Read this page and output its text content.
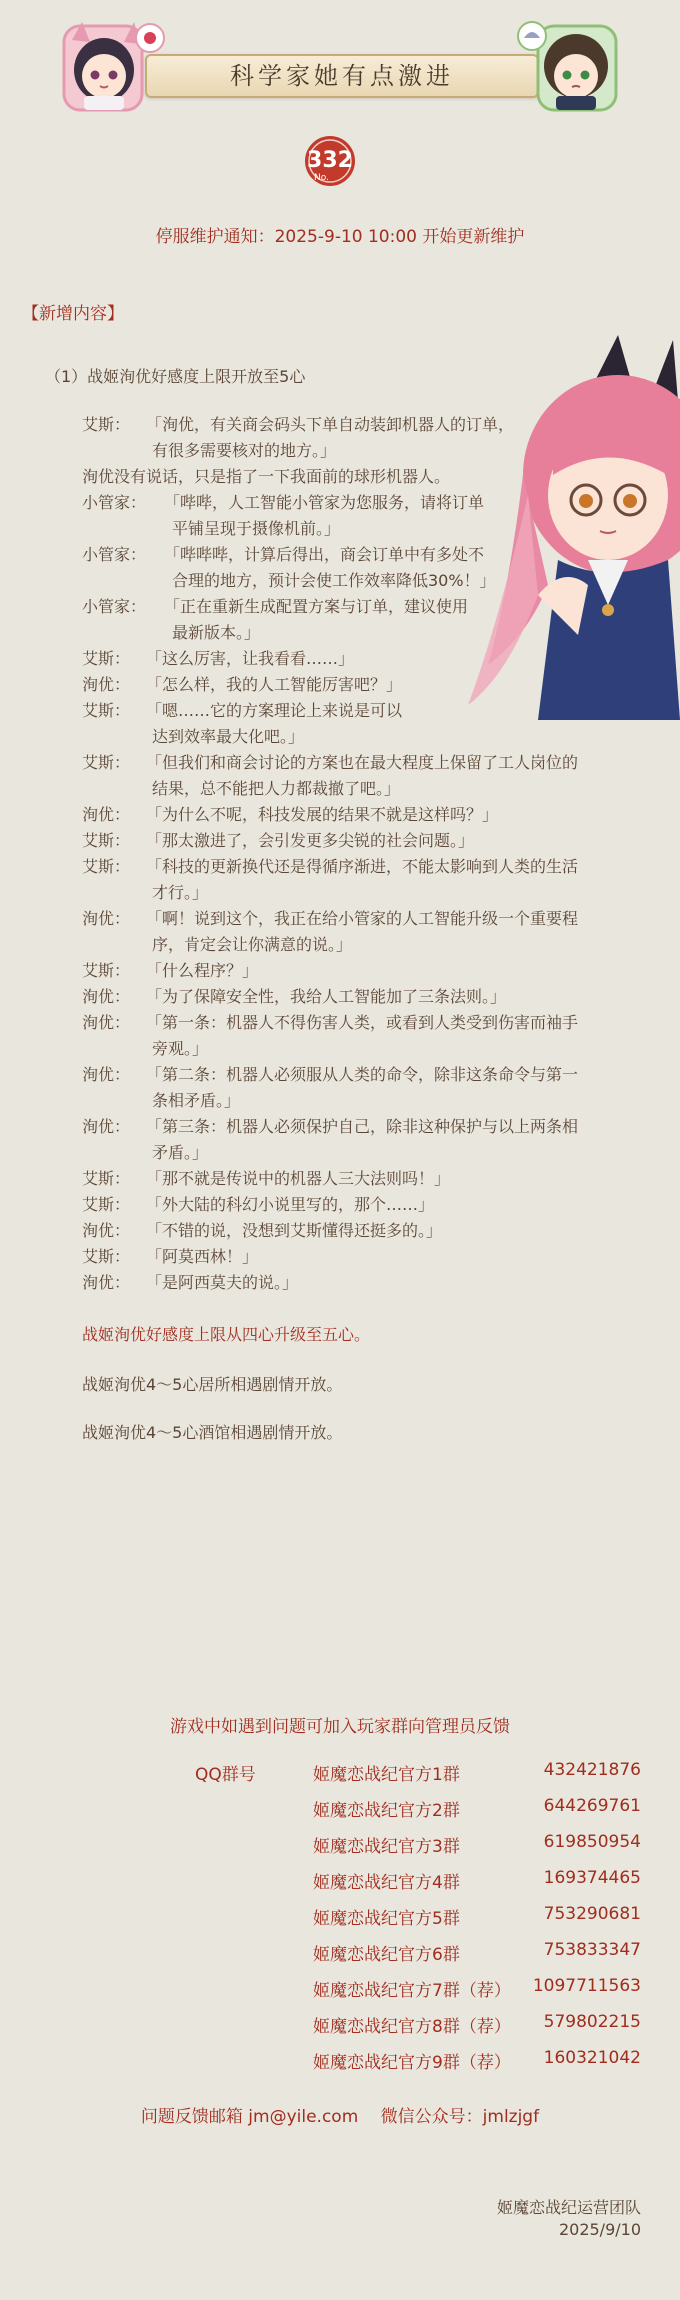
科学家她有点激进
332
No.
停服维护通知：2025-9-10 10:00 开始更新维护
【新增内容】
（1）战姬洵优好感度上限开放至5心
艾斯： 「洵优，有关商会码头下单自动装卸机器人的订单，
有很多需要核对的地方。」
洵优没有说话，只是指了一下我面前的球形机器人。
小管家：	「哔哔，人工智能小管家为您服务，请将订单
平铺呈现于摄像机前。」
小管家：	「哔哔哔，计算后得出，商会订单中有多处不
合理的地方，预计会使工作效率降低30%！」
小管家：	「正在重新生成配置方案与订单，建议使用
最新版本。」
艾斯： 「这么厉害，让我看看……」
洵优： 「怎么样，我的人工智能厉害吧？」
艾斯： 「嗯……它的方案理论上来说是可以
达到效率最大化吧。」
艾斯： 「但我们和商会讨论的方案也在最大程度上保留了工人岗位的
结果，总不能把人力都裁撤了吧。」
洵优： 「为什么不呢，科技发展的结果不就是这样吗？」
艾斯： 「那太激进了，会引发更多尖锐的社会问题。」
艾斯： 「科技的更新换代还是得循序渐进，不能太影响到人类的生活
才行。」
洵优： 「啊！说到这个，我正在给小管家的人工智能升级一个重要程
序，肯定会让你满意的说。」
艾斯： 「什么程序？」
洵优： 「为了保障安全性，我给人工智能加了三条法则。」
洵优： 「第一条：机器人不得伤害人类，或看到人类受到伤害而袖手
旁观。」
洵优： 「第二条：机器人必须服从人类的命令，除非这条命令与第一
条相矛盾。」
洵优： 「第三条：机器人必须保护自己，除非这种保护与以上两条相
矛盾。」
艾斯： 「那不就是传说中的机器人三大法则吗！」
艾斯： 「外大陆的科幻小说里写的，那个……」
洵优： 「不错的说，没想到艾斯懂得还挺多的。」
艾斯： 「阿莫西林！」
洵优： 「是阿西莫夫的说。」
战姬洵优好感度上限从四心升级至五心。
战姬洵优4～5心居所相遇剧情开放。
战姬洵优4～5心酒馆相遇剧情开放。
游戏中如遇到问题可加入玩家群向管理员反馈
QQ群号	姬魔恋战纪官方1群	432421876
姬魔恋战纪官方2群	644269761
姬魔恋战纪官方3群	619850954
姬魔恋战纪官方4群	169374465
姬魔恋战纪官方5群	753290681
姬魔恋战纪官方6群	753833347
姬魔恋战纪官方7群（荐） 1097711563
姬魔恋战纪官方8群（荐） 579802215
姬魔恋战纪官方9群（荐） 160321042
问题反馈邮箱 jm@yile.com　 微信公众号：jmlzjgf
姬魔恋战纪运营团队
2025/9/10
